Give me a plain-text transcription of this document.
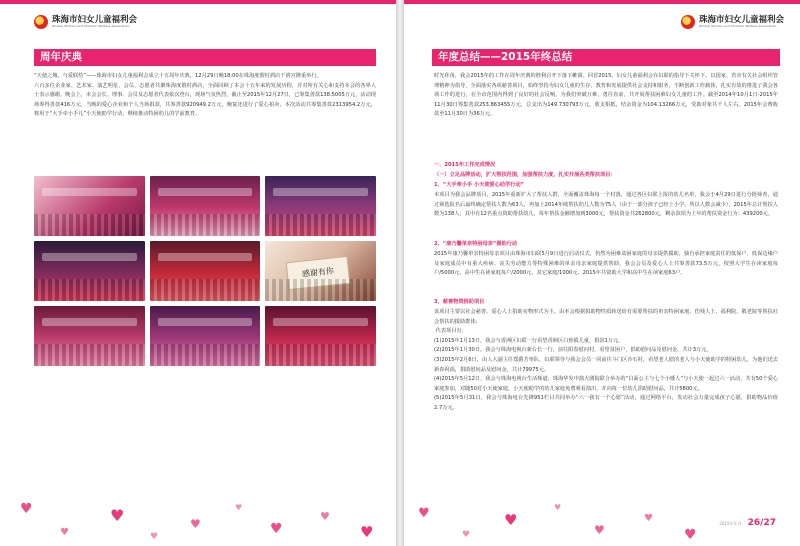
珠海市妇女儿童福利会
Zhuhai Women and Children Welfare Association
周年庆典
“天使之城，与爱联结”——珠海市妇女儿童福利会成立十五周年庆典，12月29日晚18:00在珠海度假村酒店千禧宫隆重举行。
六百多位企业家、艺术家、演艺明星、会员、志愿者共聚珠海度假村酒店，全面回顾了本会十五年来的发展历程，并对所有关心和支持本会的各界人士表示感谢。晚会上，本会会长、理事、会员及志愿者代表依次登台，现场气氛热烈，截止至2015年12月27日，已筹集善款138.5005万元，活动现场筹得善款416万元，当晚的爱心企业和个人当场捐款，共筹善款920949.2万元，晚宴还进行了爱心拍卖，本次活动共筹集善款2313954.2万元，将用于“大手牵小手儿”小天使助学行动，继续推动特困幼儿的学前教育。
感谢有你
♥
♥
♥
♥
♥
♥
♥
♥
♥
珠海市妇女儿童福利会
Zhuhai Women and Children Welfare Association
年度总结——2015年终总结
时光荏苒，我会2015年的工作在周年庆典的胜利召开下落下帷幕。回首2015，妇女儿童福利会在妇联的指导下关怀下，以国家、省市有关社会组织管理精神为指导，全面落实各项慈善项目，始终坚持为妇女儿童的生存、教育和发展提供社会支持和服务，不断创新工作载体，扎实有效的推进了我会各项工作的进行，在全市范围内得到了良好的社会反响，为我们突破万难，勇往直前，共开展帮扶困难妇女儿童的工作。截至2014年10月1日-2015年11月30日筹集善款253.863455万元，总支出为149.730793万元，收支相抵，结余资金为104.13266万元，受助对象共千人左右。2015年会费收款至11月30日为36万元。
一、2015年工作完成情况
（一）立足品牌活动，扩大帮扶范围，加强帮扶力度，扎实开展各类帮扶项目：
1、“大手牵小手 小天使爱心助学行动”
本项目为我会品牌项目，2015年重新扩大了帮扶人群，全面覆盖珠海每一个村落，通过各区妇联上报的幼儿名单，我会于4月29日进行分批筛查，通过筛选报名后最终确定帮扶人数为63人，再加上2014年续帮扶幼儿人数为75人（由于一部分孩子已经上小学，所以人数会减少），2015年总计帮扶人数为138人；其中有12名重点资助帮扶幼儿，每年帮扶金额增加到3000元，帮扶资金共262800元，剩余款项为上年的帮扶资金行为：439200元。
2、“康乃馨单亲特困母亲”援助行动
2015年康乃馨单亲特困母亲项目由珠海市妇联5月9日进行启动仪式，仍然为困难贫困家庭的母亲提供援助，独自承担家庭责任的低保户、低保边缘户及家庭成员中有重大疾病、丧失劳动能力等特殊困难的单亲母亲家庭提供帮助，我会会员及爱心人士共筹善款73.5万元，按照大学生在读家庭每户/5000元，高中生在读家庭每户/2000元，其它家庭/1000元，2015年共资助大学和高中生在读家庭63户。
3、慈善物资捐助项目
该项目主要以社会慈善、爱心人士捐助实物形式为主。由本会根据捐助物性质转送给有需要帮扶的单亲特困家庭、伤残人士、福利院、敬老院等帮扶社会帮扶的援助群体；
代表项目有：
(1)2015年1月13日，我会与香洲区妇联一行看望香洲区白蕉镇儿童，捐款1万元。
(2)2015年1月30日，我会与珠海电视台新台长一行，前往阳春慰问村，看望贫困户，捐助慰问品及慰问金，共计3万元。
(3)2015年2月6日，由人大副主任郑爵芳率队，妇联领导与我会会员一同前往斗门区沙石村，看望老人慰的老人与小天使助学的特困幼儿，为他们送去新春祝福，捐助慰问品及慰问金，共计79975元。
(4)2015年5月12日，我会与珠海电视台生活频道、珠海华发中演大剧院联合举办的“白面公主与七个小矮人”与小天使一起过六一活动，共有50个爱心家庭参加，对随50对小天使家庭，小天使助学的幼儿家庭免费观看演出，并向每一位幼儿捐助慰问品，共计5800元。
(5)2015年5月31日，我会与珠海电台先锋951栏目共同举办“六一我有一个心愿”活动，通过网络平台，发动社会力量完成孩子心愿，捐助物品价值2.7万元。
♥
♥
♥
♥
♥
♥
♥
2015年年刊 26/27
